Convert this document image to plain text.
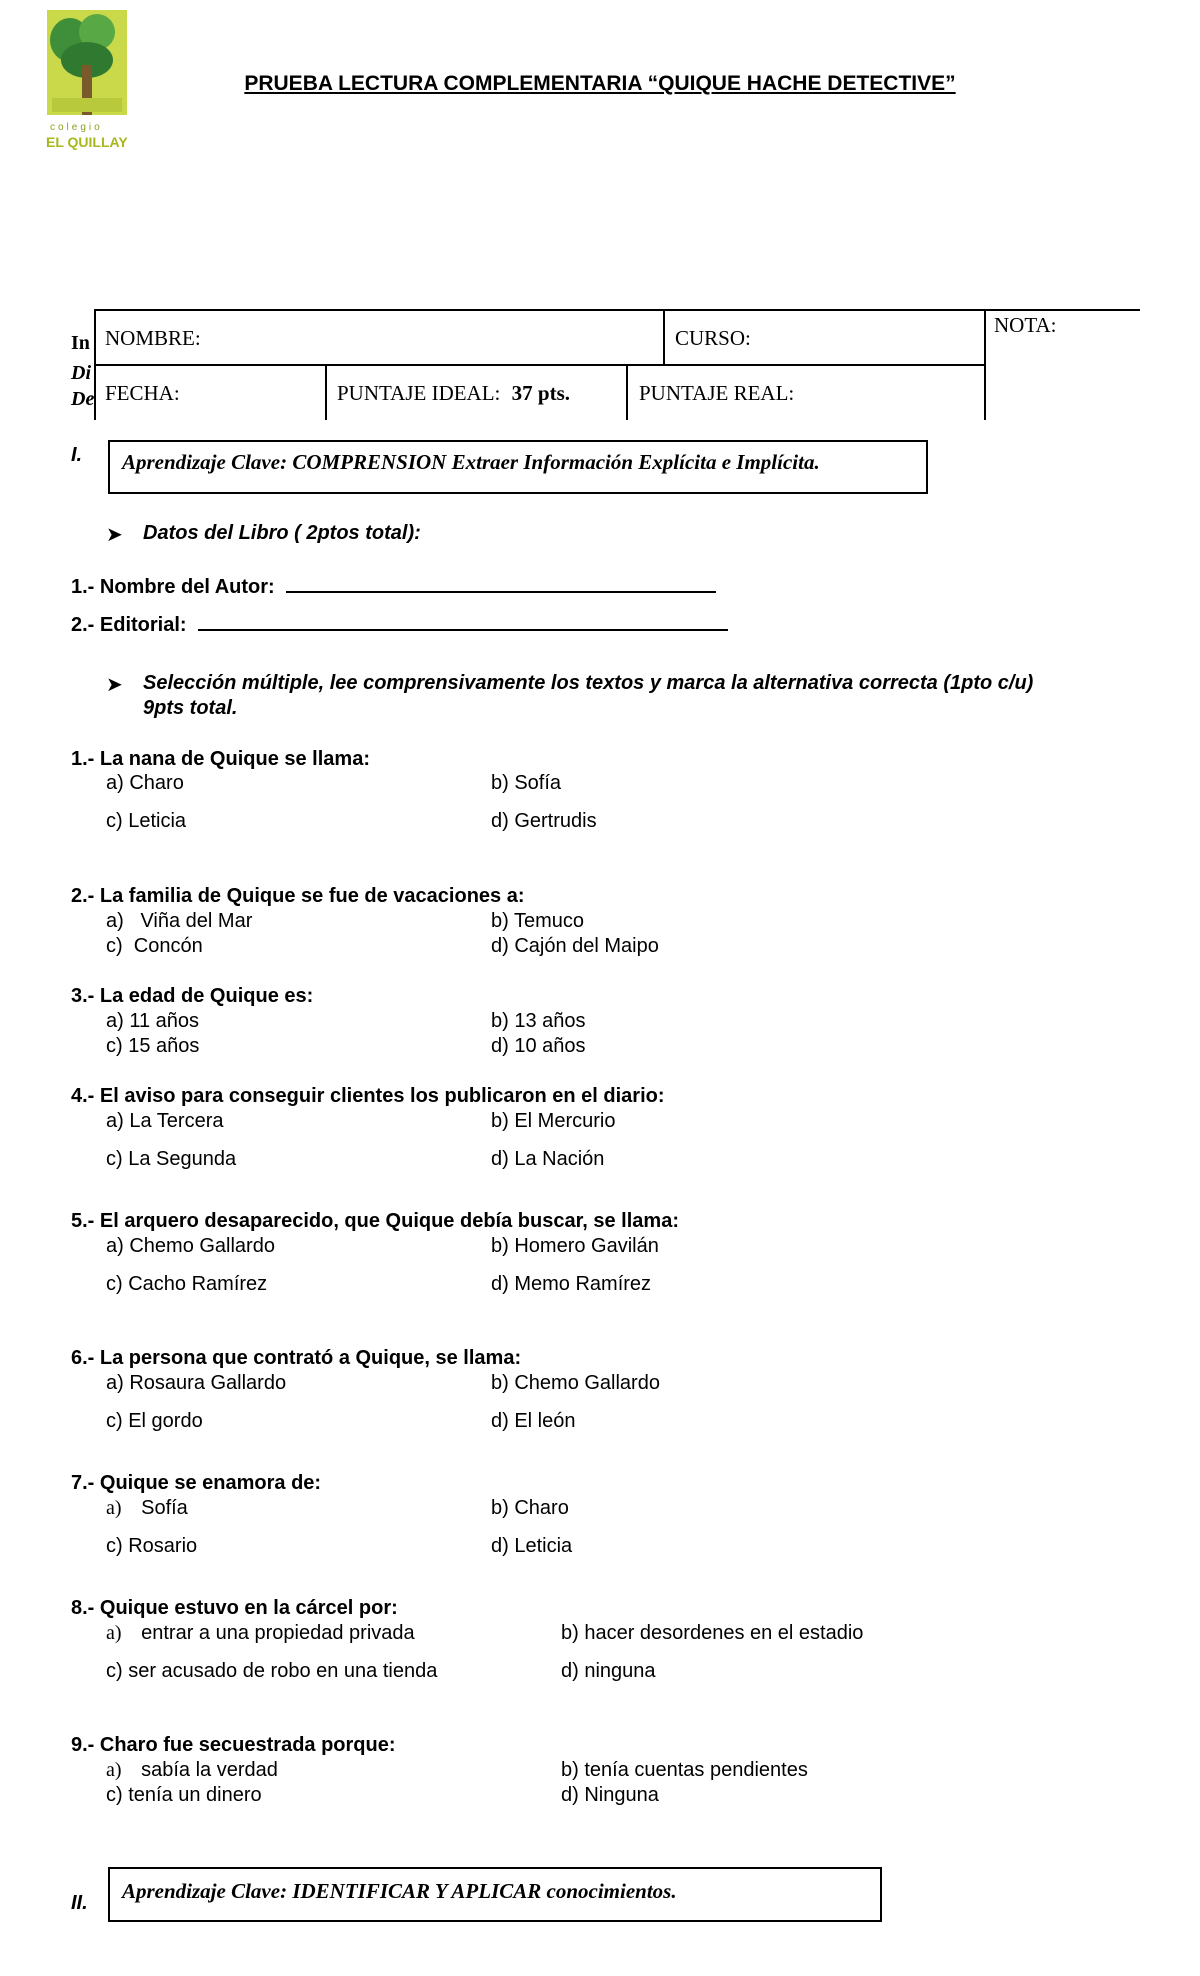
colegio
EL QUILLAY
PRUEBA LECTURA COMPLEMENTARIA “QUIQUE HACHE DETECTIVE”
In
Di
De
NOMBRE:	CURSO:
NOTA:
FECHA:	PUNTAJE IDEAL: 37 pts.	PUNTAJE REAL:
I.	Aprendizaje Clave: COMPRENSION Extraer Información Explícita e Implícita.
➤ Datos del Libro ( 2ptos total):
1.- Nombre del Autor:
2.- Editorial:
➤ Selección múltiple, lee comprensivamente los textos y marca la alternativa correcta (1pto c/u)
9pts total.
1.- La nana de Quique se llama:
a) Charo	b) Sofía
c) Leticia	d) Gertrudis
2.- La familia de Quique se fue de vacaciones a:
a)   Viña del Mar	b) Temuco
c)  Concón	d) Cajón del Maipo
3.- La edad de Quique es:
a) 11 años	b) 13 años
c) 15 años	d) 10 años
4.- El aviso para conseguir clientes los publicaron en el diario:
a) La Tercera	b) El Mercurio
c) La Segunda	d) La Nación
5.- El arquero desaparecido, que Quique debía buscar, se llama:
a) Chemo Gallardo	b) Homero Gavilán
c) Cacho Ramírez	d) Memo Ramírez
6.- La persona que contrató a Quique, se llama:
a) Rosaura Gallardo	b) Chemo Gallardo
c) El gordo	d) El león
7.- Quique se enamora de:
a) Sofía	b) Charo
c) Rosario	d) Leticia
8.- Quique estuvo en la cárcel por:
a) entrar a una propiedad privada	b) hacer desordenes en el estadio
c) ser acusado de robo en una tienda	d) ninguna
9.- Charo fue secuestrada porque:
a) sabía la verdad	b) tenía cuentas pendientes
c) tenía un dinero	d) Ninguna
II.	Aprendizaje Clave: IDENTIFICAR Y APLICAR conocimientos.
